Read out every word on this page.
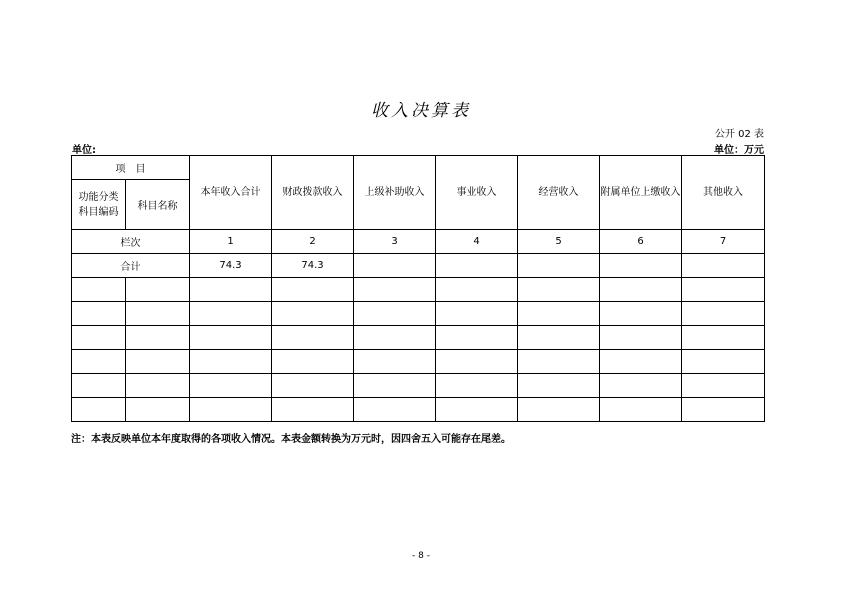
收入决算表
公开 02 表
单位:	单位：万元
项　目		本年收入合计	财政拨款收入	上级补助收入	事业收入	经营收入	附属单位上缴收入	其他收入
功能分类
科目编码	科目名称							
栏次		1	2	3	4	5	6	7
合计		74.3	74.3					

注：本表反映单位本年度取得的各项收入情况。本表金额转换为万元时，因四舍五入可能存在尾差。
- 8 -
